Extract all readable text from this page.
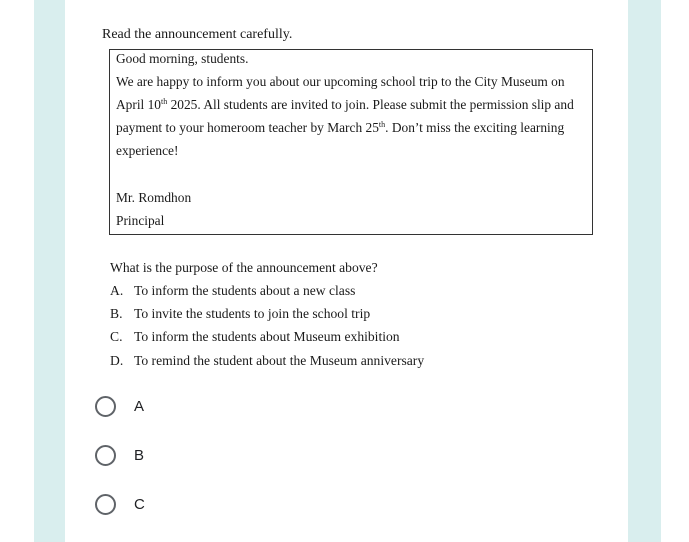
Read the announcement carefully.
Good morning, students.
We are happy to inform you about our upcoming school trip to the City Museum on
April 10th 2025. All students are invited to join. Please submit the permission slip and
payment to your homeroom teacher by March 25th. Don’t miss the exciting learning
experience!
Mr. Romdhon
Principal
What is the purpose of the announcement above?
A. To inform the students about a new class
B. To invite the students to join the school trip
C. To inform the students about Museum exhibition
D. To remind the student about the Museum anniversary
A
B
C
